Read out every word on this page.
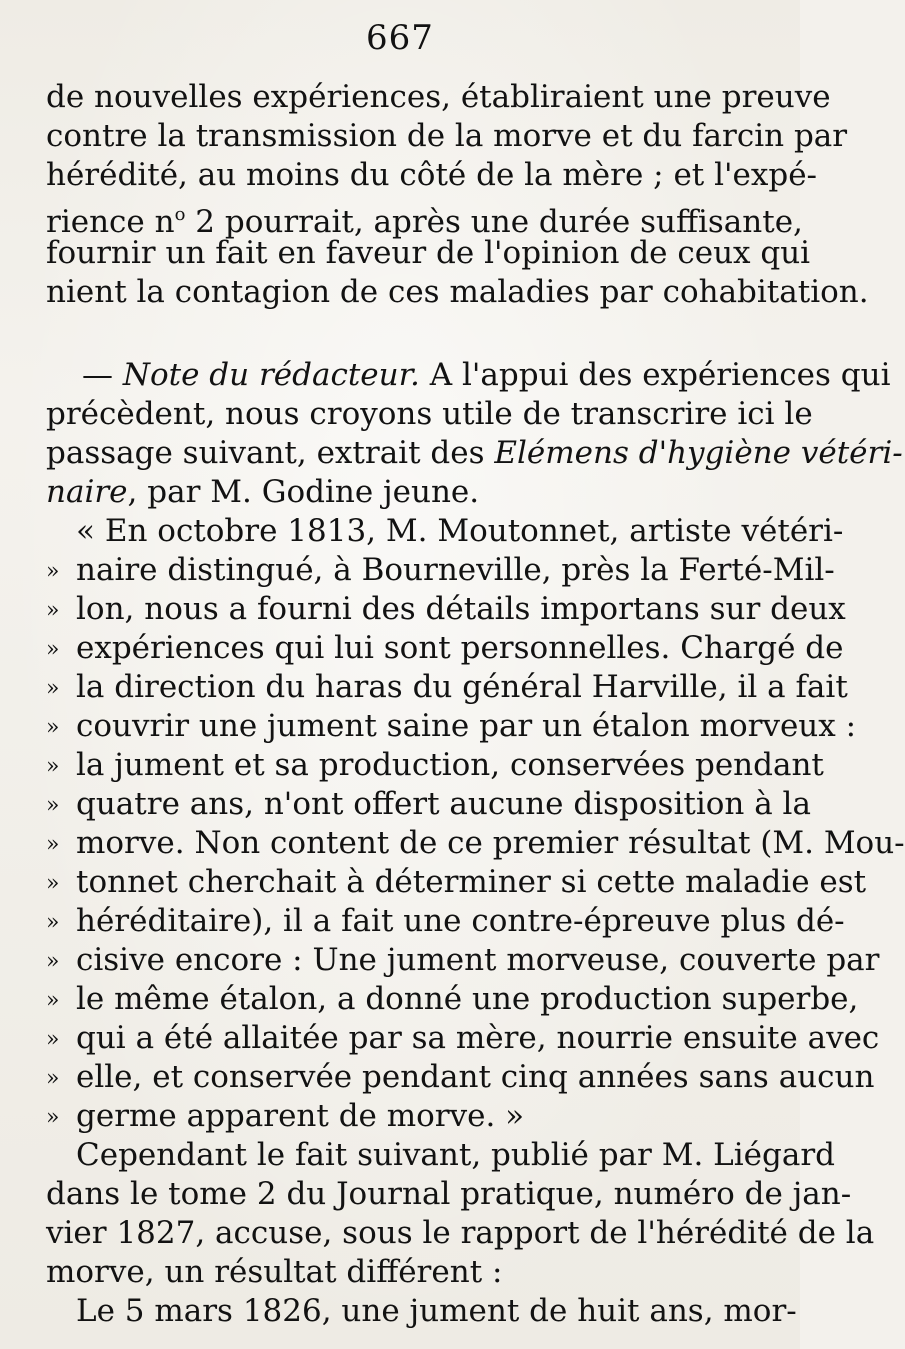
667
de nouvelles expériences, établiraient une preuve
contre la transmission de la morve et du farcin par
hérédité, au moins du côté de la mère ; et l'expé-
rience $n^o$ 2 pourrait, après une durée suffisante,
fournir un fait en faveur de l'opinion de ceux qui
nient la contagion de ces maladies par cohabitation.
— Note du rédacteur. A l'appui des expériences qui
précèdent, nous croyons utile de transcrire ici le
passage suivant, extrait des Elémens d'hygiène vétéri-
naire, par M. Godine jeune.
« En octobre 1813, M. Moutonnet, artiste vétéri-
» naire distingué, à Bourneville, près la Ferté-Mil-
» lon, nous a fourni des détails importans sur deux
» expériences qui lui sont personnelles. Chargé de
» la direction du haras du général Harville, il a fait
» couvrir une jument saine par un étalon morveux :
» la jument et sa production, conservées pendant
» quatre ans, n'ont offert aucune disposition à la
» morve. Non content de ce premier résultat (M. Mou-
» tonnet cherchait à déterminer si cette maladie est
» héréditaire), il a fait une contre-épreuve plus dé-
» cisive encore : Une jument morveuse, couverte par
» le même étalon, a donné une production superbe,
» qui a été allaitée par sa mère, nourrie ensuite avec
» elle, et conservée pendant cinq années sans aucun
» germe apparent de morve. »
Cependant le fait suivant, publié par M. Liégard
dans le tome 2 du Journal pratique, numéro de jan-
vier 1827, accuse, sous le rapport de l'hérédité de la
morve, un résultat différent :
Le 5 mars 1826, une jument de huit ans, mor-
